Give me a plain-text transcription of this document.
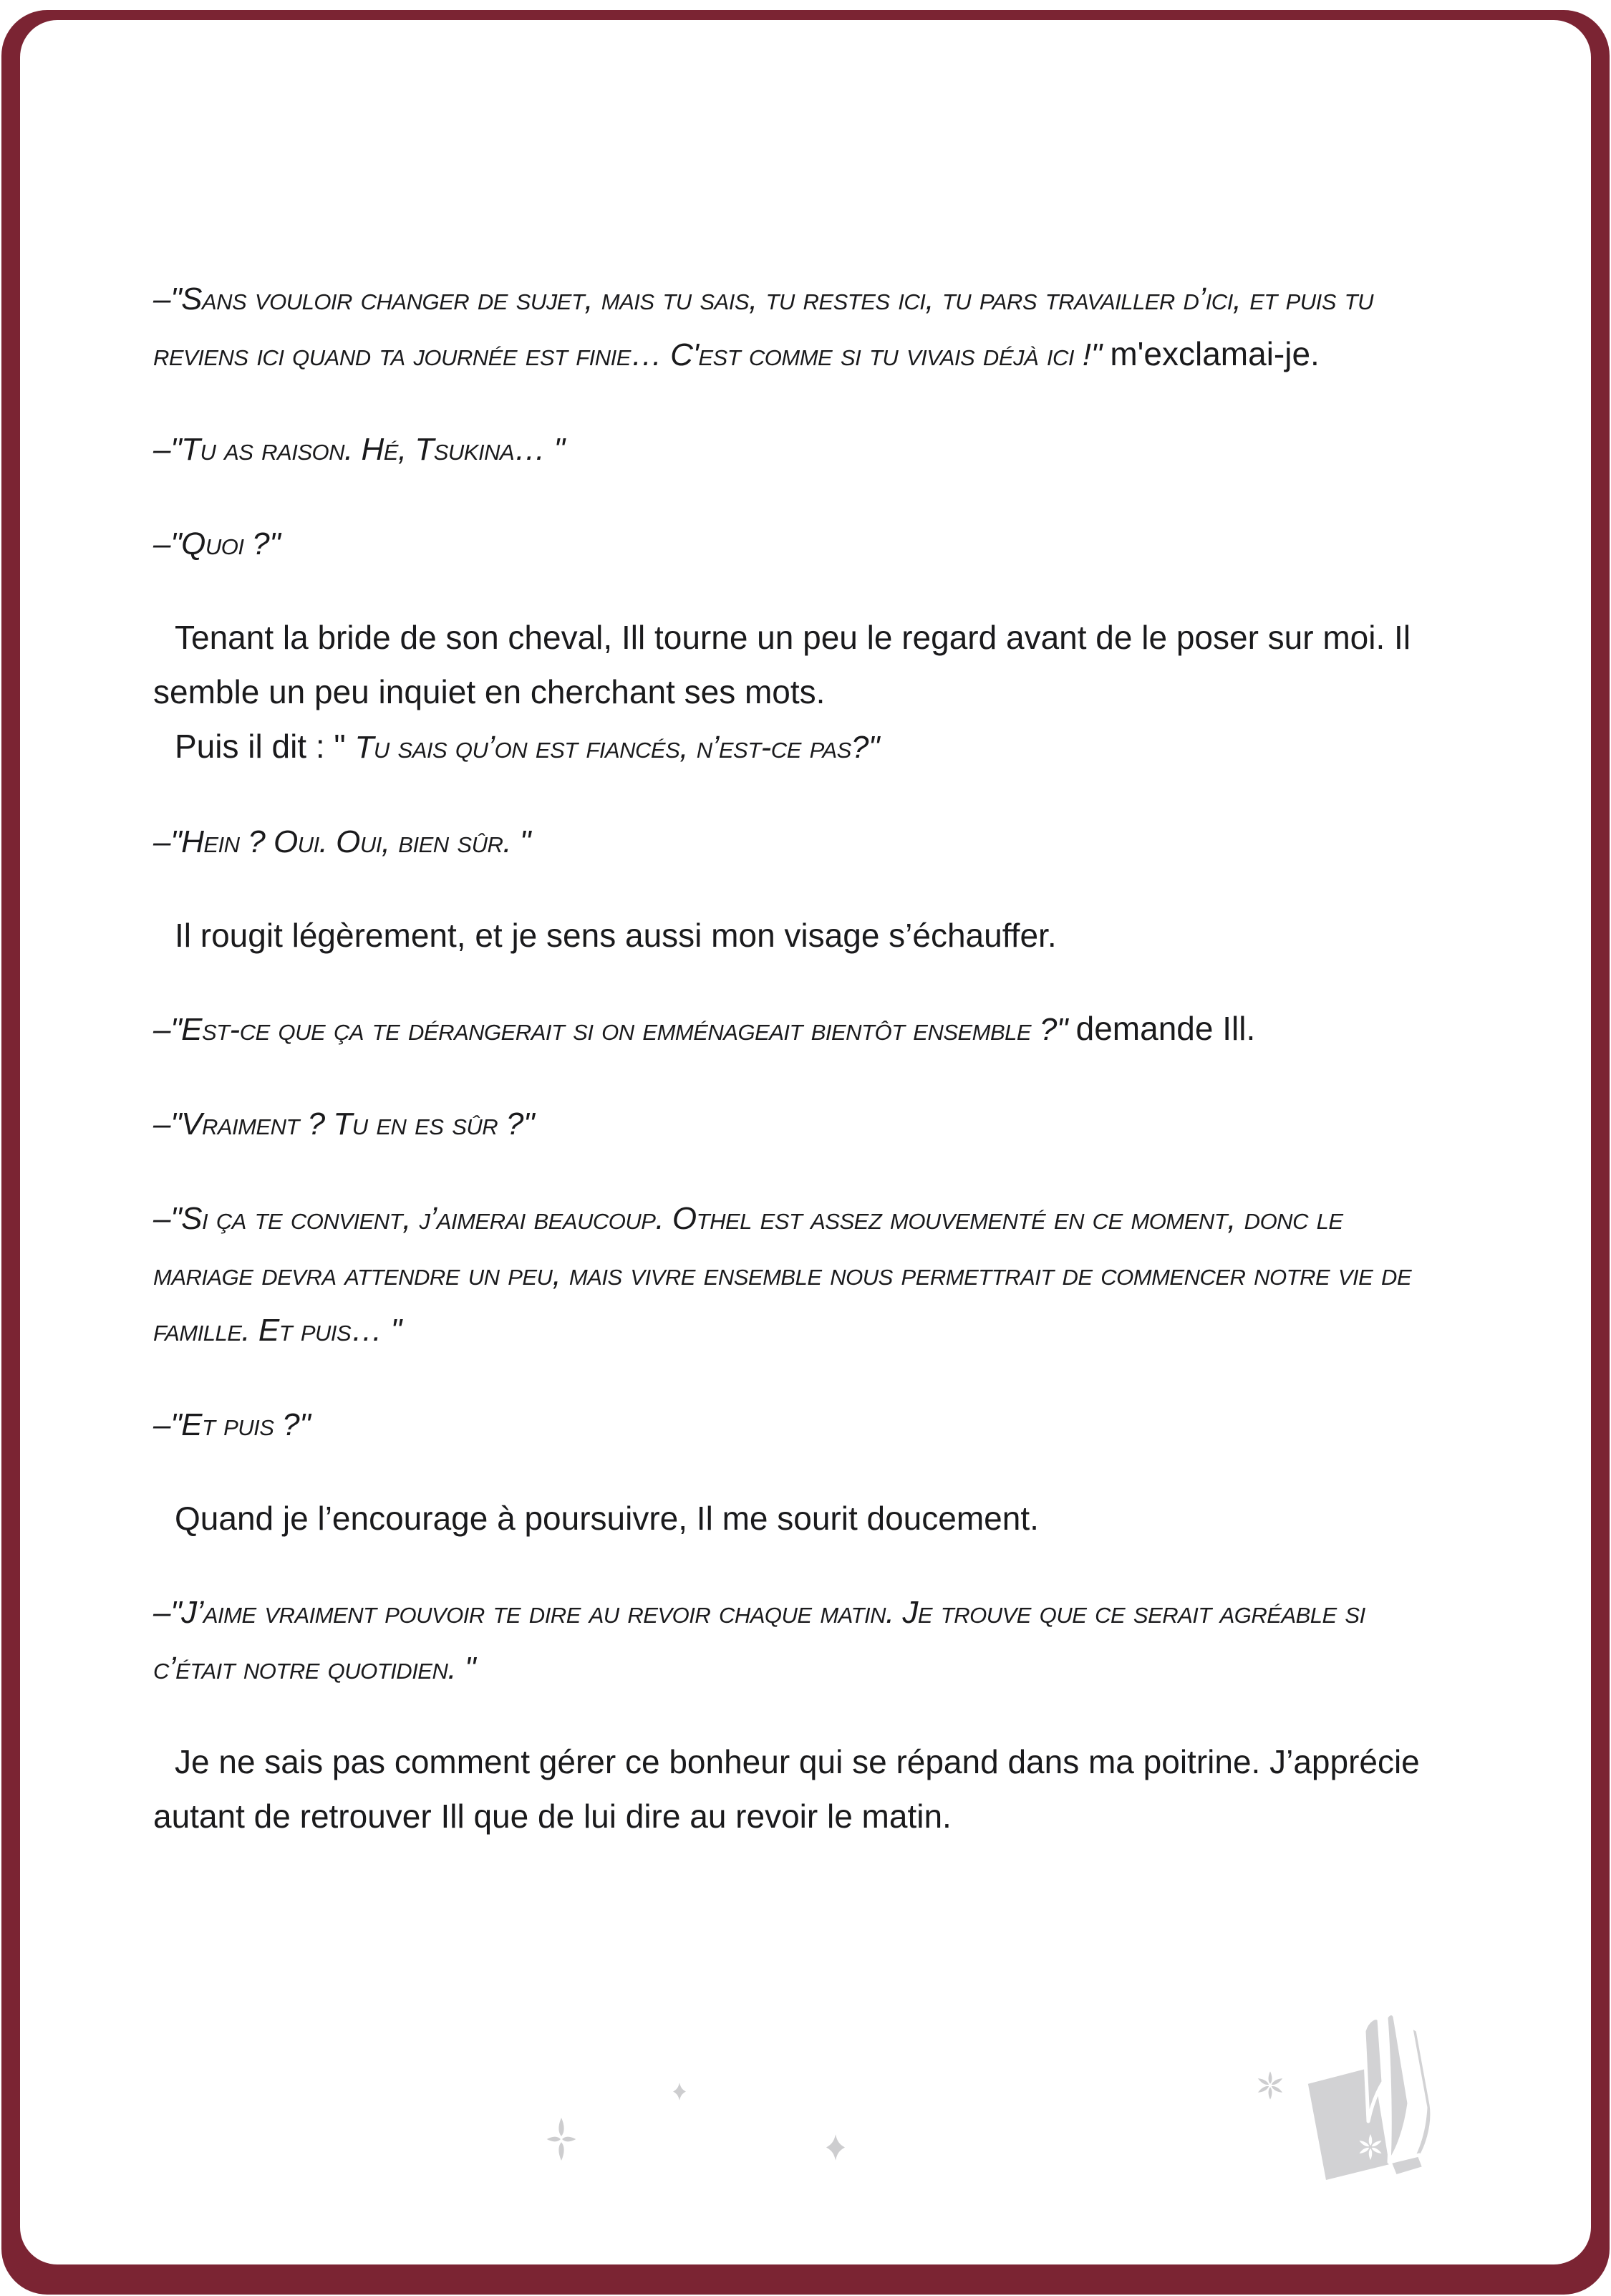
–"Sans vouloir changer de sujet, mais tu sais, tu restes ici, tu pars travailler d’ici, et puis tu reviens ici quand ta journée est finie… C'est comme si tu vivais déjà ici !" m'exclamai-je.

–"Tu as raison. Hé, Tsukina… "

–"Quoi ?"

Tenant la bride de son cheval, Ill tourne un peu le regard avant de le poser sur moi. Il semble un peu inquiet en cherchant ses mots.

Puis il dit : " Tu sais qu’on est fiancés, n’est-ce pas?"

–"Hein ? Oui. Oui, bien sûr. "

Il rougit légèrement, et je sens aussi mon visage s’échauffer.

–"Est-ce que ça te dérangerait si on emménageait bientôt ensemble ?" demande Ill.

–"Vraiment ? Tu en es sûr ?"

–"Si ça te convient, j’aimerai beaucoup. Othel est assez mouvementé en ce moment, donc le mariage devra attendre un peu, mais vivre ensemble nous permettrait de commencer notre vie de famille. Et puis… "

–"Et puis ?"

Quand je l’encourage à poursuivre, Il me sourit doucement.

–"J’aime vraiment pouvoir te dire au revoir chaque matin. Je trouve que ce serait agréable si c’était notre quotidien. "

Je ne sais pas comment gérer ce bonheur qui se répand dans ma poitrine. J’apprécie autant de retrouver Ill que de lui dire au revoir le matin.
